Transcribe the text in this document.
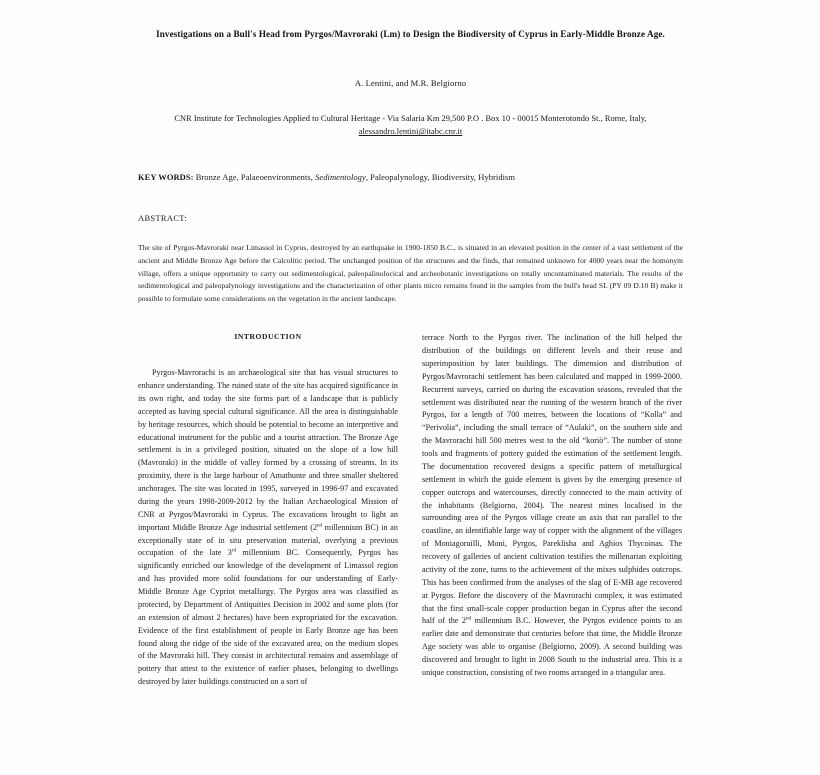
Investigations on a Bull's Head from Pyrgos/Mavroraki (Lm) to Design the Biodiversity of Cyprus in Early-Middle Bronze Age.
A. Lentini, and M.R. Belgiorno
CNR Institute for Technologies Applied to Cultural Heritage - Via Salaria Km 29,500 P.O . Box 10 - 00015 Monterotondo St., Rome, Italy, alessandro.lentini@itabc.cnr.it
KEY WORDS: Bronze Age, Palaeoenvironments, Sedimentology, Paleopalynology, Biodiversity, Hybridism
ABSTRACT:
The site of Pyrgos-Mavroraki near Limassol in Cyprus, destroyed by an earthquake in 1900-1850 B.C., is situated in an elevated position in the center of a vast settlement of the ancient and Middle Bronze Age before the Calcolitic period. The unchanged position of the structures and the finds, that remained unknown for 4000 years near the homonym village, offers a unique opportunity to carry out sedimentological, paleopalinolocical and archeobotanic investigations on totally uncontaminated materials. The results of the sedimentological and paleopalynology investigations and the characterization of other plants micro remains found in the samples from the bull's head SL (PY 09 D.10 B) make it possible to formulate some considerations on the vegetation in the ancient landscape.
INTRODUCTION

Pyrgos-Mavrorachi is an archaeological site that has visual structures to enhance understanding. The ruined state of the site has acquired significance in its own right, and today the site forms part of a landscape that is publicly accepted as having special cultural significance. All the area is distinguishable by heritage resources, which should be potential to become an interpretive and educational instrument for the public and a tourist attraction. The Bronze Age settlement is in a privileged position, situated on the slope of a low hill (Mavroraki) in the middle of valley formed by a crossing of streams. In its proximity, there is the large harbour of Amathunte and three smaller sheltered anchorages. The site was located in 1995, surveyed in 1996-97 and excavated during the years 1998-2009-2012 by the Italian Archaeological Mission of CNR at Pyrgos/Mavroraki in Cyprus. The excavations brought to light an important Middle Bronze Age industrial settlement (2nd millennium BC) in an exceptionally state of in situ preservation material, overlying a previous occupation of the late 3rd millennium BC. Consequently, Pyrgos has significantly enriched our knowledge of the development of Limassol region and has provided more solid foundations for our understanding of Early-Middle Bronze Age Cypriot metallurgy. The Pyrgos area was classified as protected, by Department of Antiquities Decision in 2002 and some plots (for an extension of almost 2 hectares) have been expropriated for the excavation. Evidence of the first establishment of people in Early Bronze age has been found along the ridge of the side of the excavated area, on the medium slopes of the Mavroraki hill. They consist in architectural remains and assemblage of pottery that attest to the existence of earlier phases, belonging to dwellings destroyed by later buildings constructed on a sort of

terrace North to the Pyrgos river. The inclination of the hill helped the distribution of the buildings on different levels and their reuse and superimposition by later buildings. The dimension and distribution of Pyrgos/Mavrorachi settlement has been calculated and mapped in 1999-2000. Recurrent surveys, carried on during the excavation seasons, revealed that the settlement was distributed near the running of the western branch of the river Pyrgos, for a length of 700 metres, between the locations of “Kolla” and “Perivolia”, including the small terrace of “Aulaki”, on the southern side and the Mavrorachi hill 500 metres west to the old “koriò”. The number of stone tools and fragments of pottery guided the estimation of the settlement length. The documentation recovered designs a specific pattern of metallurgical settlement in which the guide element is given by the emerging presence of copper outcrops and watercourses, directly connected to the main activity of the inhabitants (Belgiorno, 2004). The nearest mines localised in the surrounding area of the Pyrgos village create an axis that ran parallel to the coastline, an identifiable large way of copper with the alignment of the villages of Moniagoruilli, Moni, Pyrgos, Pareklisha and Aghios Thycoinas. The recovery of galleries of ancient cultivation testifies the millenarian exploiting activity of the zone, turns to the achievement of the mixes sulphides outcrops. This has been confirmed from the analyses of the slag of E-MB age recovered at Pyrgos. Before the discovery of the Mavrorachi complex, it was estimated that the first small-scale copper production began in Cyprus after the second half of the 2nd millennium B.C. However, the Pyrgos evidence points to an earlier date and demonstrate that centuries before that time, the Middle Bronze Age society was able to organise (Belgiorno, 2009). A second building was discovered and brought to light in 2008 South to the industrial area. This is a unique construction, consisting of two rooms arranged in a triangular area.
